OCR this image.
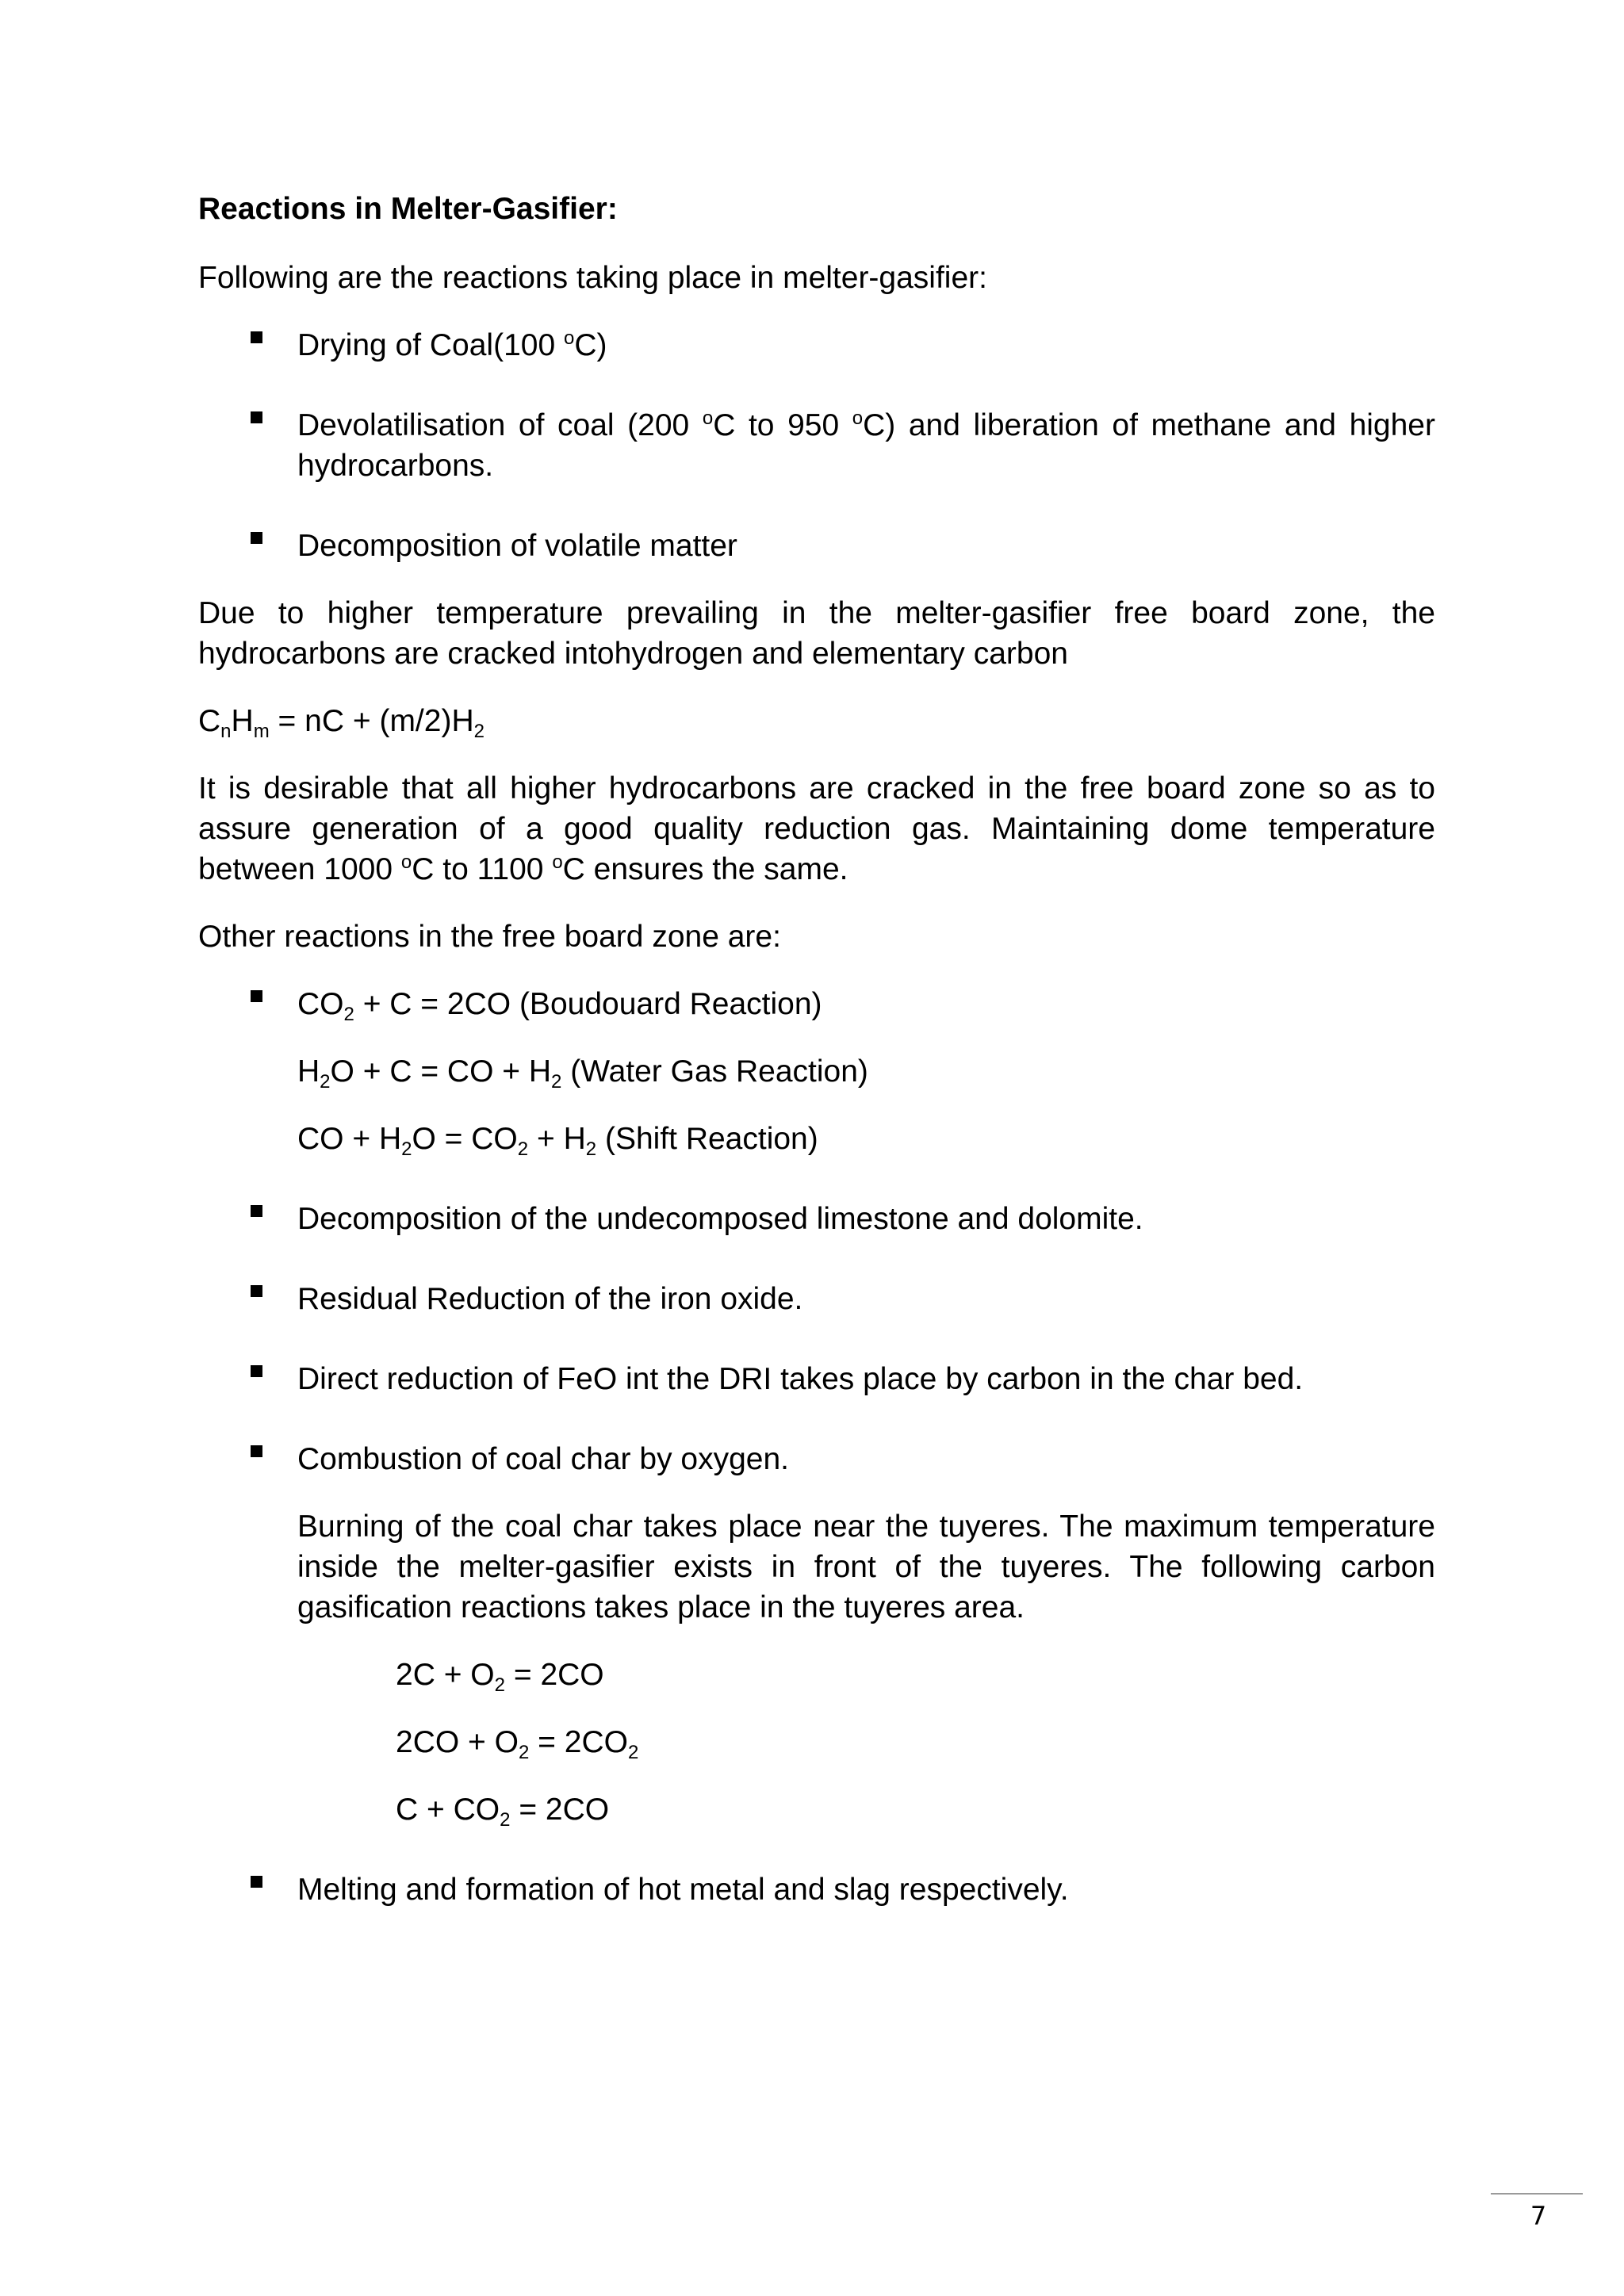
Reactions in Melter-Gasifier:

Following are the reactions taking place in melter-gasifier:

Drying of Coal(100 $^o$C)
Devolatilisation of coal (200 $^o$C to 950 $^o$C) and liberation of methane and higher hydrocarbons.
Decomposition of volatile matter

Due to higher temperature prevailing in the melter-gasifier free board zone, the hydrocarbons are cracked intohydrogen and elementary carbon

$C_nH_m$ = nC + $(m/2)H_2$

It is desirable that all higher hydrocarbons are cracked in the free board zone so as to assure generation of a good quality reduction gas. Maintaining dome temperature between 1000 $^o$C to 1100 $^o$C ensures the same.

Other reactions in the free board zone are:

$CO_2 + C = 2CO$ (Boudouard Reaction)
$H_2O + C$ = CO + $H_2$ (Water Gas Reaction)
CO + $H_2O = CO_2 + H_2$ (Shift Reaction)
Decomposition of the undecomposed limestone and dolomite.
Residual Reduction of the iron oxide.
Direct reduction of FeO int the DRI takes place by carbon in the char bed.
Combustion of coal char by oxygen.
Burning of the coal char takes place near the tuyeres. The maximum temperature inside the melter-gasifier exists in front of the tuyeres. The following carbon gasification reactions takes place in the tuyeres area.
$2C + O_2 = 2CO$
$2CO + O_2 = 2CO_2$
$C + CO_2 = 2CO$
Melting and formation of hot metal and slag respectively.
7
